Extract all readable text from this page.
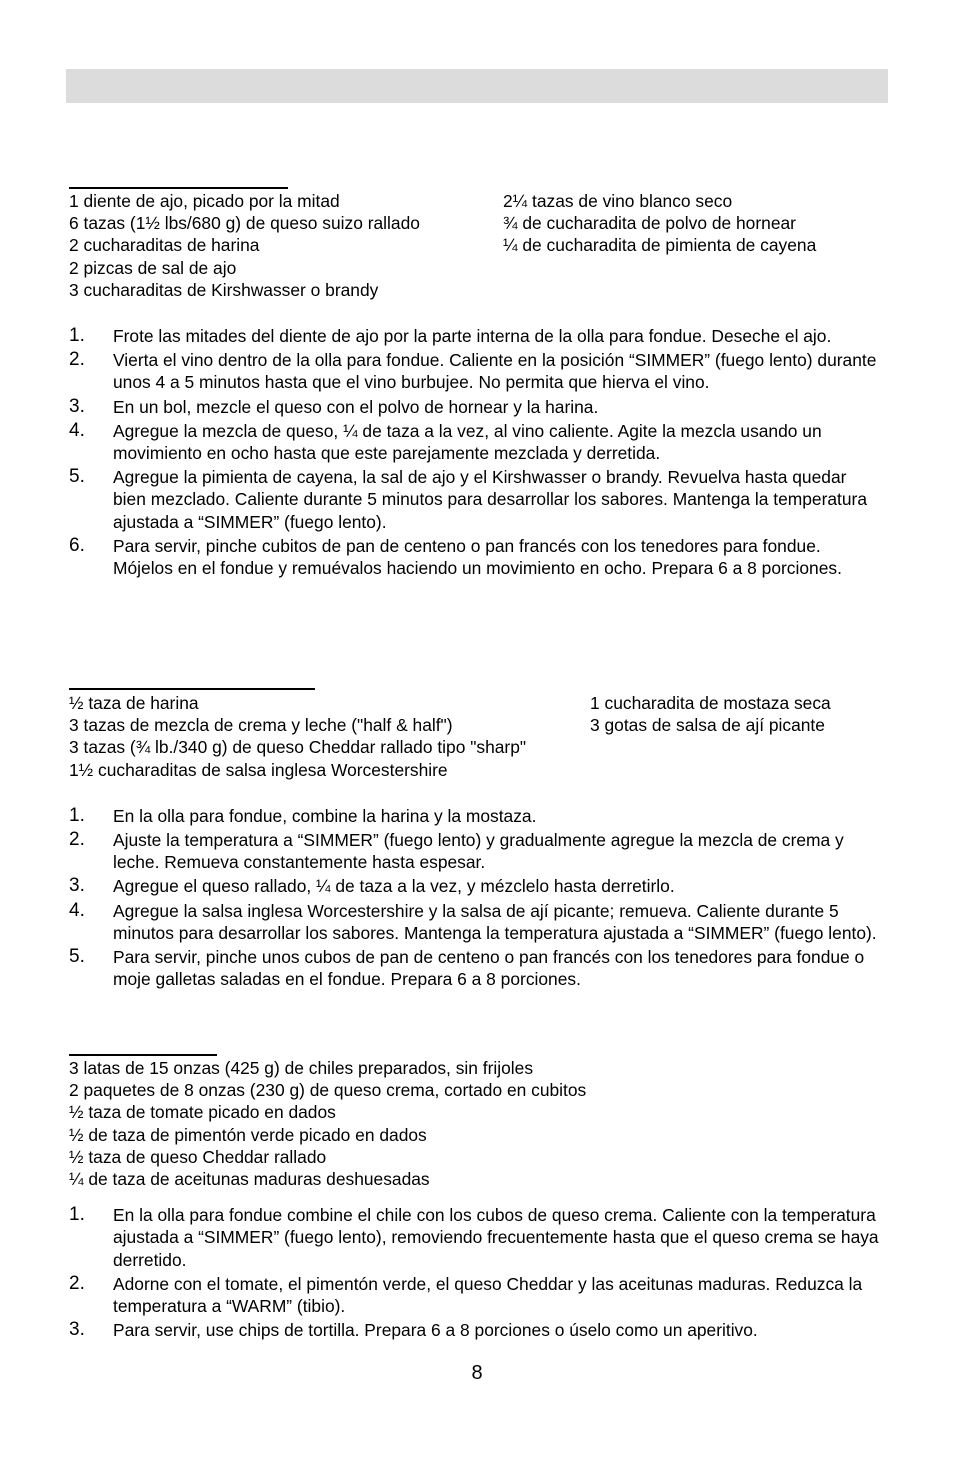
1 diente de ajo, picado por la mitad
6 tazas (1½ lbs/680 g) de queso suizo rallado
2 cucharaditas de harina
2 pizcas de sal de ajo
3 cucharaditas de Kirshwasser o brandy
2¼ tazas de vino blanco seco
¾ de cucharadita de polvo de hornear
¼ de cucharadita de pimienta de cayena
1.	Frote las mitades del diente de ajo por la parte interna de la olla para fondue. Deseche el ajo.
2.	Vierta el vino dentro de la olla para fondue. Caliente en la posición “SIMMER” (fuego lento) durante unos 4 a 5 minutos hasta que el vino burbujee. No permita que hierva el vino.
3.	En un bol, mezcle el queso con el polvo de hornear y la harina.
4.	Agregue la mezcla de queso, ¼ de taza a la vez, al vino caliente. Agite la mezcla usando un movimiento en ocho hasta que este parejamente mezclada y derretida.
5.	Agregue la pimienta de cayena, la sal de ajo y el Kirshwasser o brandy. Revuelva hasta quedar bien mezclado. Caliente durante 5 minutos para desarrollar los sabores. Mantenga la temperatura ajustada a “SIMMER” (fuego lento).
6.	Para servir, pinche cubitos de pan de centeno o pan francés con los tenedores para fondue. Mójelos en el fondue y remuévalos haciendo un movimiento en ocho. Prepara 6 a 8 porciones.
½ taza de harina
3 tazas de mezcla de crema y leche ("half & half")
3 tazas (¾ lb./340 g) de queso Cheddar rallado tipo "sharp"
1½ cucharaditas de salsa inglesa Worcestershire
1 cucharadita de mostaza seca
3 gotas de salsa de ají picante
1.	En la olla para fondue, combine la harina y la mostaza.
2.	Ajuste la temperatura a “SIMMER” (fuego lento) y gradualmente agregue la mezcla de crema y leche. Remueva constantemente hasta espesar.
3.	Agregue el queso rallado, ¼ de taza a la vez, y mézclelo hasta derretirlo.
4.	Agregue la salsa inglesa Worcestershire y la salsa de ají picante; remueva. Caliente durante 5 minutos para desarrollar los sabores. Mantenga la temperatura ajustada a “SIMMER” (fuego lento).
5.	Para servir, pinche unos cubos de pan de centeno o pan francés con los tenedores para fondue o moje galletas saladas en el fondue. Prepara 6 a 8 porciones.
3 latas de 15 onzas (425 g) de chiles preparados, sin frijoles
2 paquetes de 8 onzas (230 g) de queso crema, cortado en cubitos
½ taza de tomate picado en dados
½ de taza de pimentón verde picado en dados
½ taza de queso Cheddar rallado
¼ de taza de aceitunas maduras deshuesadas
1.	En la olla para fondue combine el chile con los cubos de queso crema. Caliente con la temperatura ajustada a “SIMMER” (fuego lento), removiendo frecuentemente hasta que el queso crema se haya derretido.
2.	Adorne con el tomate, el pimentón verde, el queso Cheddar y las aceitunas maduras. Reduzca la temperatura a “WARM” (tibio).
3.	Para servir, use chips de tortilla. Prepara 6 a 8 porciones o úselo como un aperitivo.
8
